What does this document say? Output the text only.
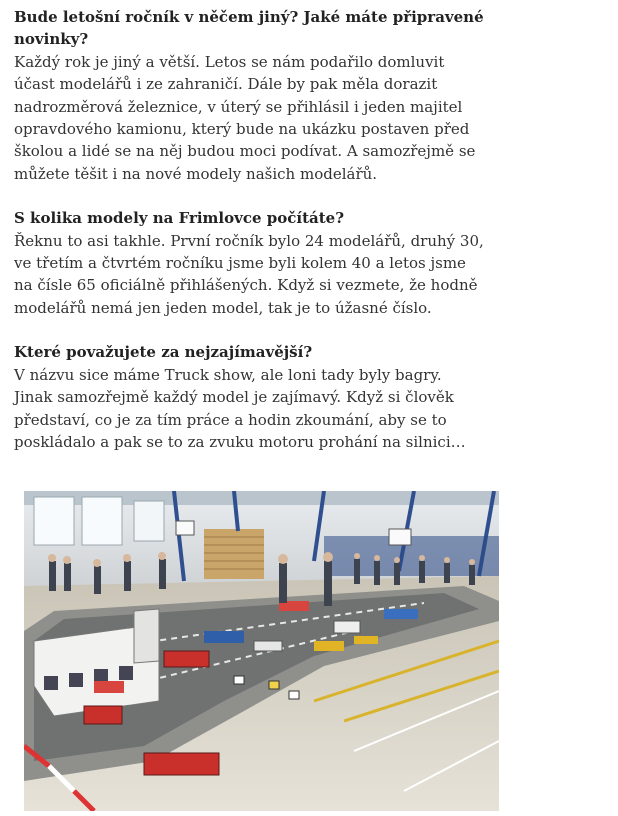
Bude letošní ročník v něčem jiný? Jaké máte připravené novinky?

Každý rok je jiný a větší. Letos se nám podařilo domluvit účast modelářů i ze zahraničí. Dále by pak měla dorazit nadrozměrová železnice, v úterý se přihlásil i jeden majitel opravdového kamionu, který bude na ukázku postaven před školou a lidé se na něj budou moci podívat. A samozřejmě se můžete těšit i na nové modely našich modelářů.

S kolika modely na Frimlovce počítáte?

Řeknu to asi takhle. První ročník bylo 24 modelářů, druhý 30, ve třetím a čtvrtém ročníku jsme byli kolem 40 a letos jsme na čísle 65 oficiálně přihlášených. Když si vezmete, že hodně modelářů nemá jen jeden model, tak je to úžasné číslo.

Které považujete za nejzajímavější?

V názvu sice máme Truck show, ale loni tady byly bagry. Jinak samozřejmě každý model je zajímavý. Když si člověk představí, co je za tím práce a hodin zkoumání, aby se to poskládalo a pak se to za zvuku motoru prohání na silnici…
